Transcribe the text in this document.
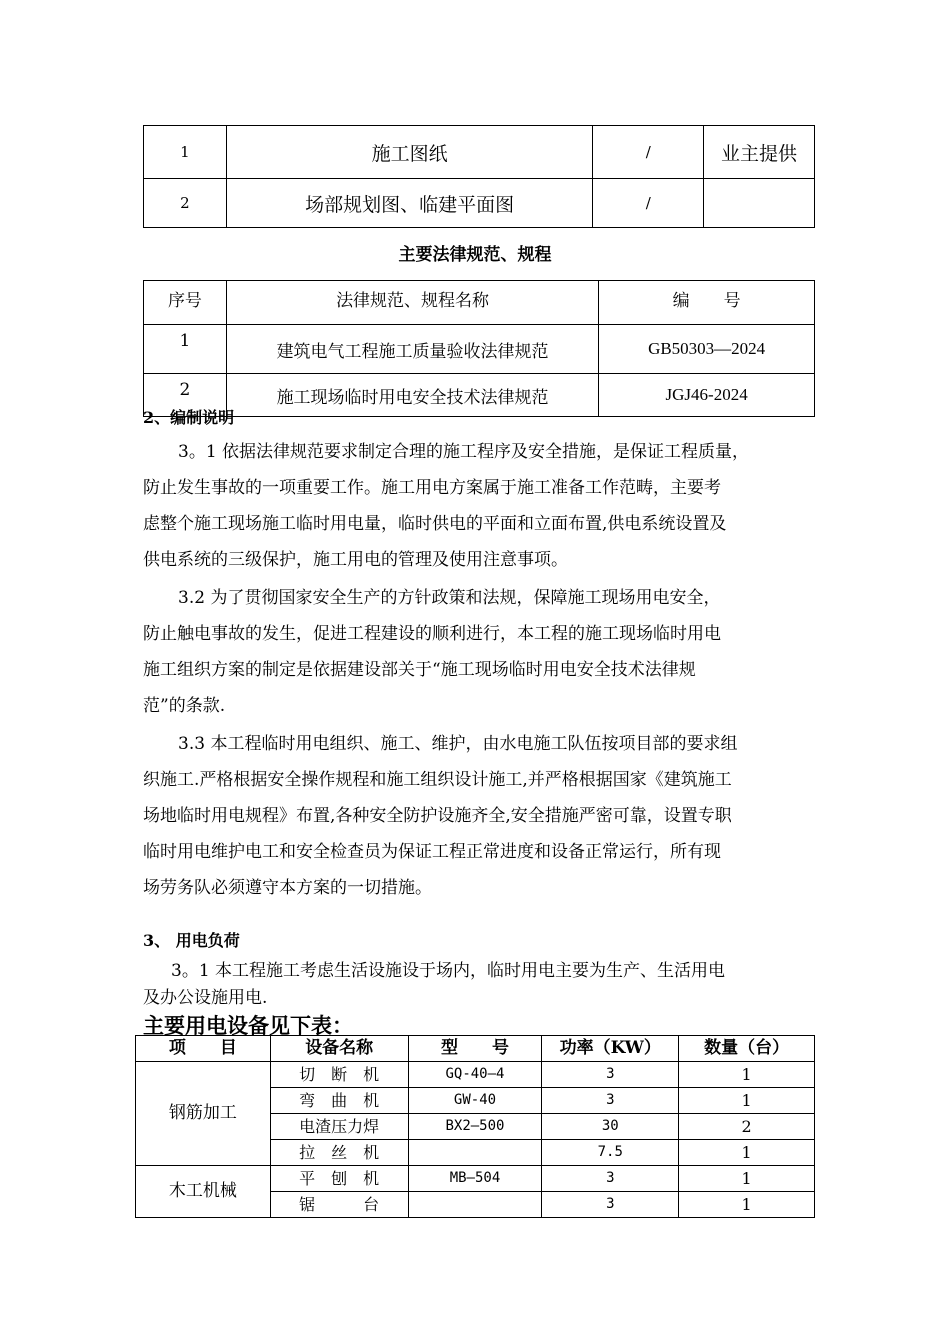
1	施工图纸	/	业主提供
2	场部规划图、临建平面图	/	
主要法律规范、规程
序号	法律规范、规程名称	编　　号
1	建筑电气工程施工质量验收法律规范	GB50303—2024
2	施工现场临时用电安全技术法律规范	JGJ46-2024
2、编制说明
3。1 依据法律规范要求制定合理的施工程序及安全措施，是保证工程质量，
防止发生事故的一项重要工作。施工用电方案属于施工准备工作范畴，主要考
虑整个施工现场施工临时用电量，临时供电的平面和立面布置,供电系统设置及
供电系统的三级保护，施工用电的管理及使用注意事项。
3.2 为了贯彻国家安全生产的方针政策和法规，保障施工现场用电安全，
防止触电事故的发生，促进工程建设的顺利进行，本工程的施工现场临时用电
施工组织方案的制定是依据建设部关于“施工现场临时用电安全技术法律规
范”的条款.
3.3 本工程临时用电组织、施工、维护，由水电施工队伍按项目部的要求组
织施工.严格根据安全操作规程和施工组织设计施工,并严格根据国家《建筑施工
场地临时用电规程》布置,各种安全防护设施齐全,安全措施严密可靠，设置专职
临时用电维护电工和安全检查员为保证工程正常进度和设备正常运行，所有现
场劳务队必须遵守本方案的一切措施。
3、 用电负荷
3。1 本工程施工考虑生活设施设于场内，临时用电主要为生产、生活用电
及办公设施用电.
主要用电设备见下表：
项　　目	设备名称	型　　号	功率（KW）	数量（台）
钢筋加工	切　断　机	GQ-40—4	3	1
	弯　曲　机	GW-40	3	1
	电渣压力焊	BX2—500	30	2
	拉　丝　机		7.5	1
木工机械	平　刨　机	MB—504	3	1
	锯　　　台		3	1
